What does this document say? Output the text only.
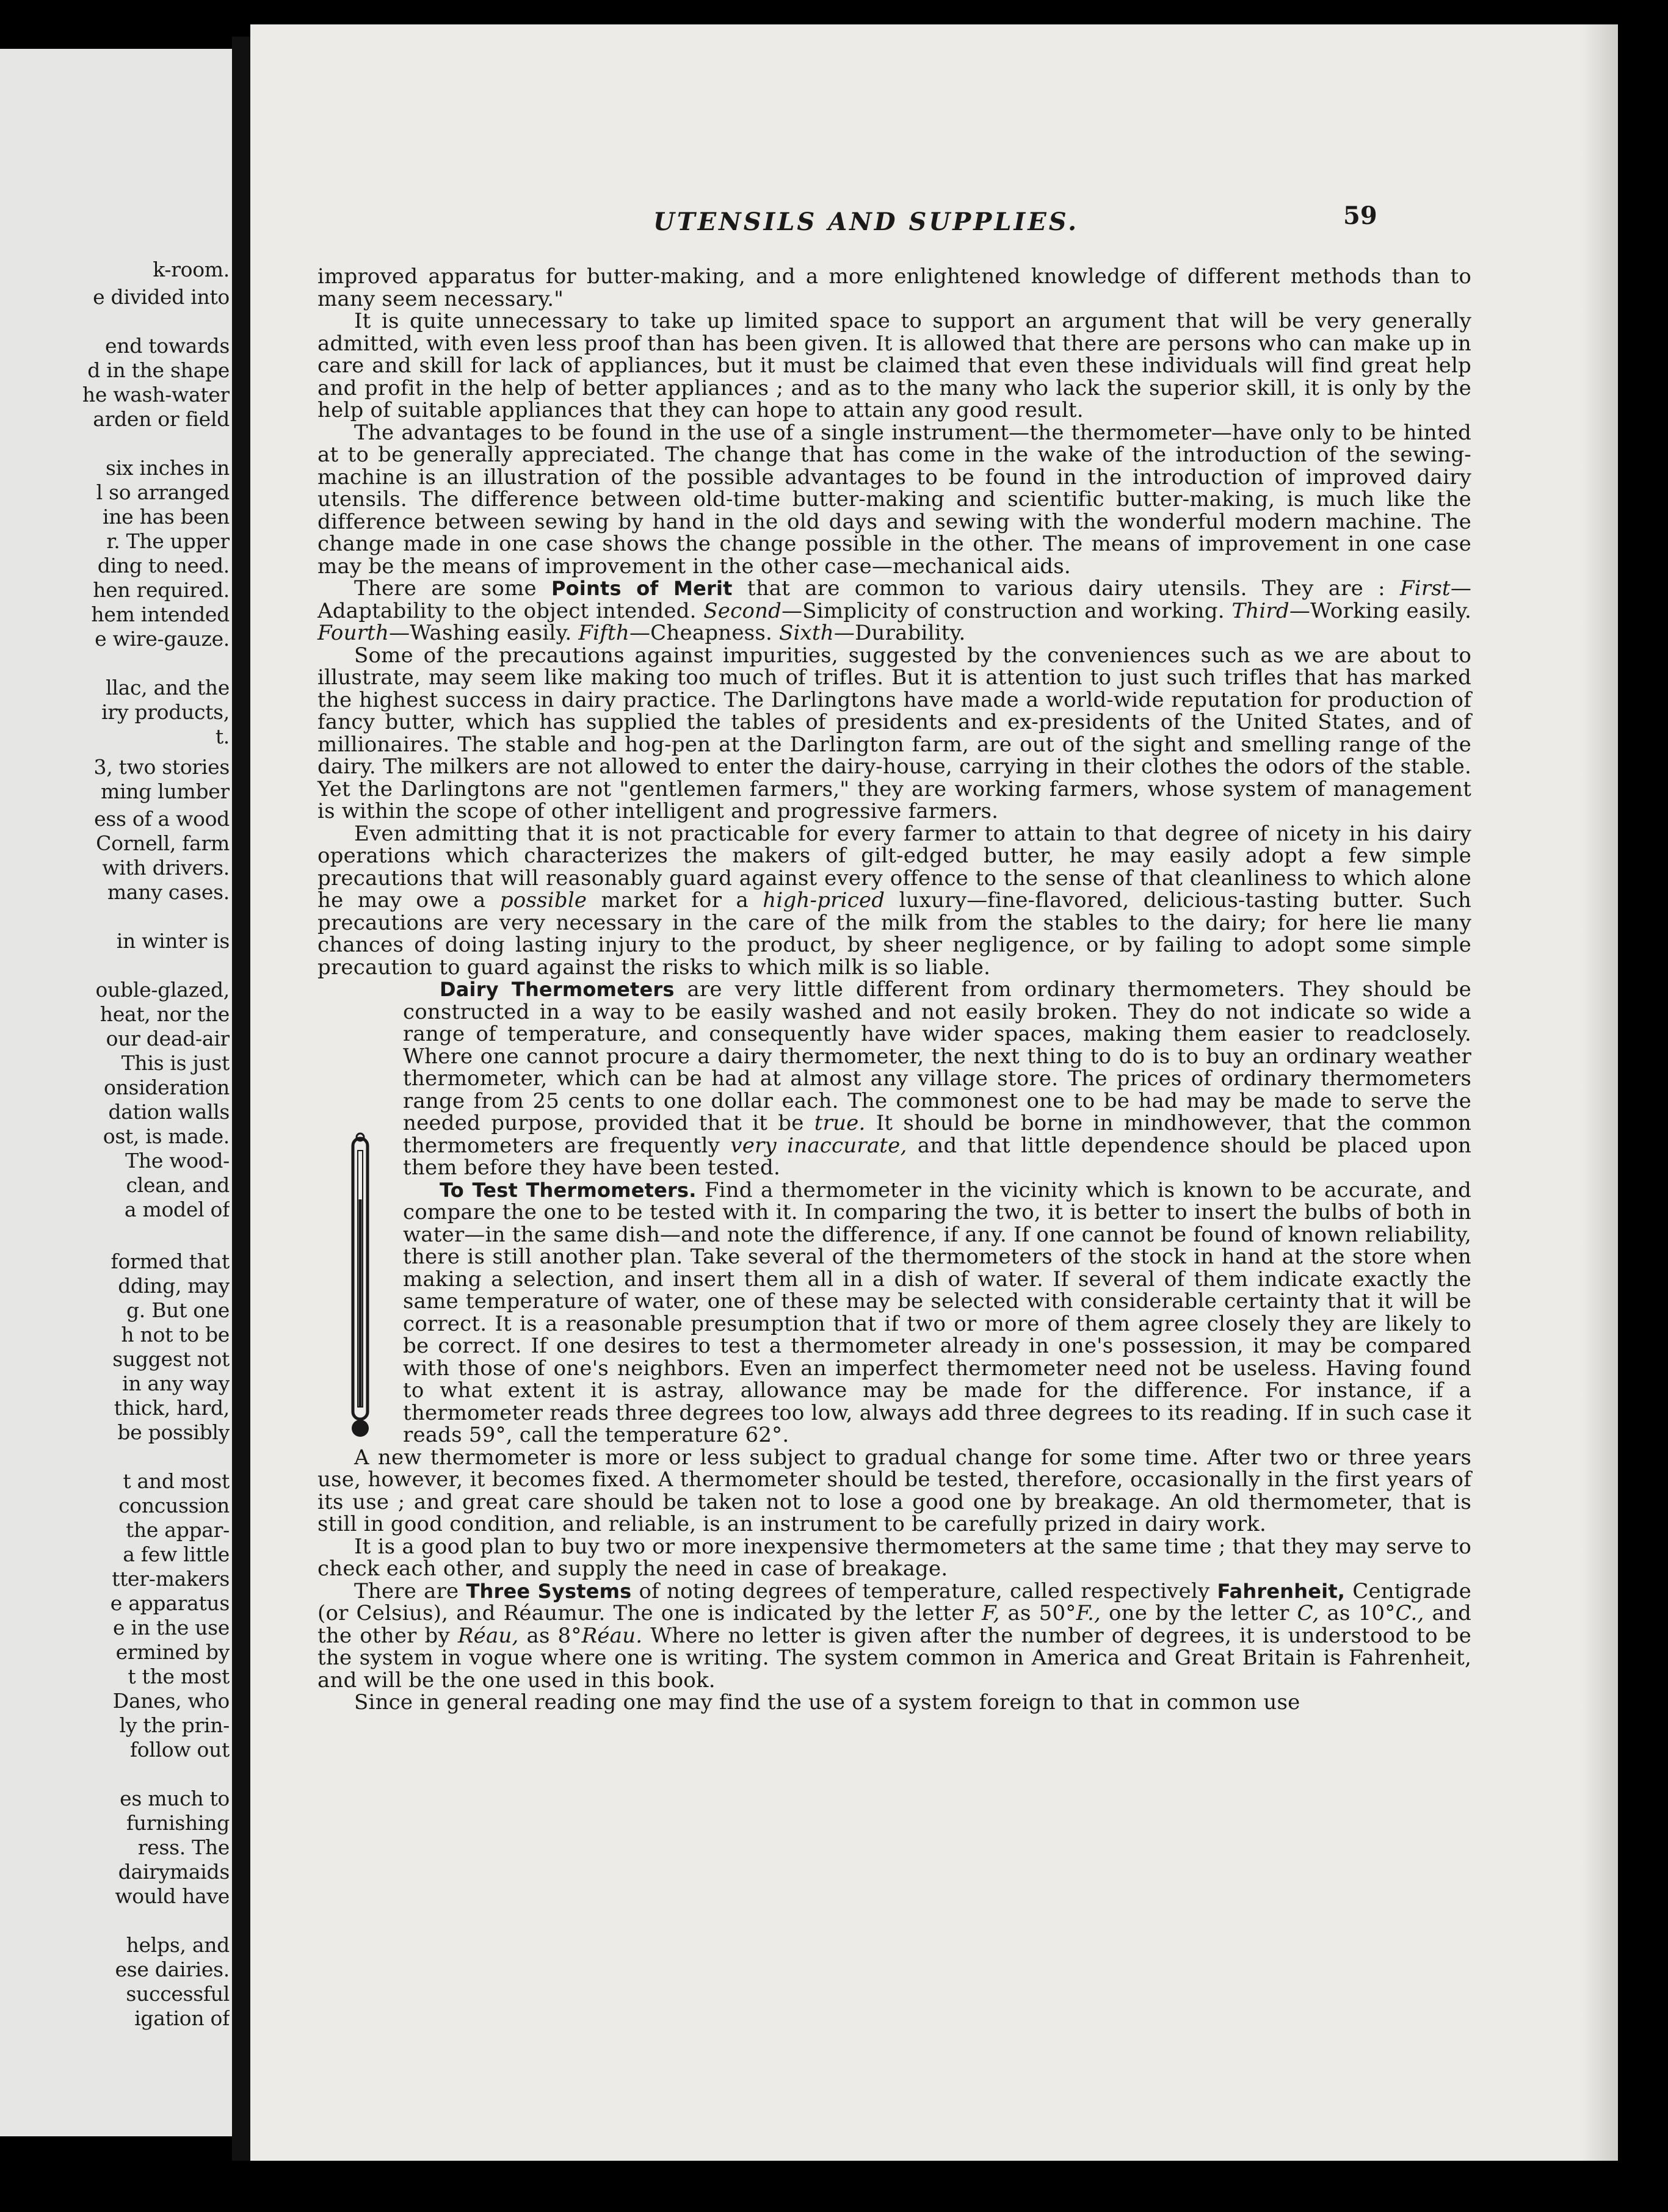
k-room.
e divided into
end towards
d in the shape
he wash-water
arden or field
six inches in
l so arranged
ine has been
r. The upper
ding to need.
hen required.
hem intended
e wire-gauze.
llac, and the
iry products,
t.
3, two stories
ming lumber
ess of a wood
Cornell, farm
with drivers.
many cases.
in winter is
ouble-glazed,
heat, nor the
our dead-air
This is just
onsideration
dation walls
ost, is made.
The wood-
clean, and
a model of
formed that
dding, may
g. But one
h not to be
suggest not
in any way
thick, hard,
be possibly
t and most
concussion
the appar-
a few little
tter-makers
e apparatus
e in the use
ermined by
t the most
Danes, who
ly the prin-
follow out
es much to
furnishing
ress. The
dairymaids
would have
helps, and
ese dairies.
successful
igation of
UTENSILS AND SUPPLIES.	59

improved apparatus for butter-making, and a more enlightened knowledge of different methods than to many seem necessary."

It is quite unnecessary to take up limited space to support an argument that will be very generally admitted, with even less proof than has been given. It is allowed that there are persons who can make up in care and skill for lack of appliances, but it must be claimed that even these individuals will find great help and profit in the help of better appliances ; and as to the many who lack the superior skill, it is only by the help of suitable appliances that they can hope to attain any good result.

The advantages to be found in the use of a single instrument—the thermometer—have only to be hinted at to be generally appreciated. The change that has come in the wake of the introduction of the sewing-machine is an illustration of the possible advantages to be found in the introduction of improved dairy utensils. The difference between old-time butter-making and scientific butter-making, is much like the difference between sewing by hand in the old days and sewing with the wonderful modern machine. The change made in one case shows the change possible in the other. The means of improvement in one case may be the means of improvement in the other case—mechanical aids.

There are some Points of Merit that are common to various dairy utensils. They are : First—Adaptability to the object intended. Second—Simplicity of construction and working. Third—Working easily. Fourth—Washing easily. Fifth—Cheapness. Sixth—Durability.

Some of the precautions against impurities, suggested by the conveniences such as we are about to illustrate, may seem like making too much of trifles. But it is attention to just such trifles that has marked the highest success in dairy practice. The Darlingtons have made a world-wide reputation for production of fancy butter, which has supplied the tables of presidents and ex-presidents of the United States, and of millionaires. The stable and hog-pen at the Darlington farm, are out of the sight and smelling range of the dairy. The milkers are not allowed to enter the dairy-house, carrying in their clothes the odors of the stable. Yet the Darlingtons are not "gentlemen farmers," they are working farmers, whose system of management is within the scope of other intelligent and progressive farmers.

Even admitting that it is not practicable for every farmer to attain to that degree of nicety in his dairy operations which characterizes the makers of gilt-edged butter, he may easily adopt a few simple precautions that will reasonably guard against every offence to the sense of that cleanliness to which alone he may owe a possible market for a high-priced luxury—fine-flavored, delicious-tasting butter. Such precautions are very necessary in the care of the milk from the stables to the dairy; for here lie many chances of doing lasting injury to the product, by sheer negligence, or by failing to adopt some simple precaution to guard against the risks to which milk is so liable.

Dairy Thermometers are very little different from ordinary thermometers. They should be constructed in a way to be easily washed and not easily broken. They do not indicate so wide a range of temperature, and consequently have wider spaces, making them easier to readclosely. Where one cannot procure a dairy thermometer, the next thing to do is to buy an ordinary weather thermometer, which can be had at almost any village store. The prices of ordinary thermometers range from 25 cents to one dollar each. The commonest one to be had may be made to serve the needed purpose, provided that it be true. It should be borne in mindhowever, that the common thermometers are frequently very inaccurate, and that little dependence should be placed upon them before they have been tested.

To Test Thermometers. Find a thermometer in the vicinity which is known to be accurate, and compare the one to be tested with it. In comparing the two, it is better to insert the bulbs of both in water—in the same dish—and note the difference, if any. If one cannot be found of known reliability, there is still another plan. Take several of the thermometers of the stock in hand at the store when making a selection, and insert them all in a dish of water. If several of them indicate exactly the same temperature of water, one of these may be selected with considerable certainty that it will be correct. It is a reasonable presumption that if two or more of them agree closely they are likely to be correct. If one desires to test a thermometer already in one's possession, it may be compared with those of one's neighbors. Even an imperfect thermometer need not be useless. Having found to what extent it is astray, allowance may be made for the difference. For instance, if a thermometer reads three degrees too low, always add three degrees to its reading. If in such case it reads 59°, call the temperature 62°.

A new thermometer is more or less subject to gradual change for some time. After two or three years use, however, it becomes fixed. A thermometer should be tested, therefore, occasionally in the first years of its use ; and great care should be taken not to lose a good one by breakage. An old thermometer, that is still in good condition, and reliable, is an instrument to be carefully prized in dairy work.

It is a good plan to buy two or more inexpensive thermometers at the same time ; that they may serve to check each other, and supply the need in case of breakage.

There are Three Systems of noting degrees of temperature, called respectively Fahrenheit, Centigrade (or Celsius), and Réaumur. The one is indicated by the letter F, as 50°F., one by the letter C, as 10°C., and the other by Réau, as 8°Réau. Where no letter is given after the number of degrees, it is understood to be the system in vogue where one is writing. The system common in America and Great Britain is Fahrenheit, and will be the one used in this book.

Since in general reading one may find the use of a system foreign to that in common use
